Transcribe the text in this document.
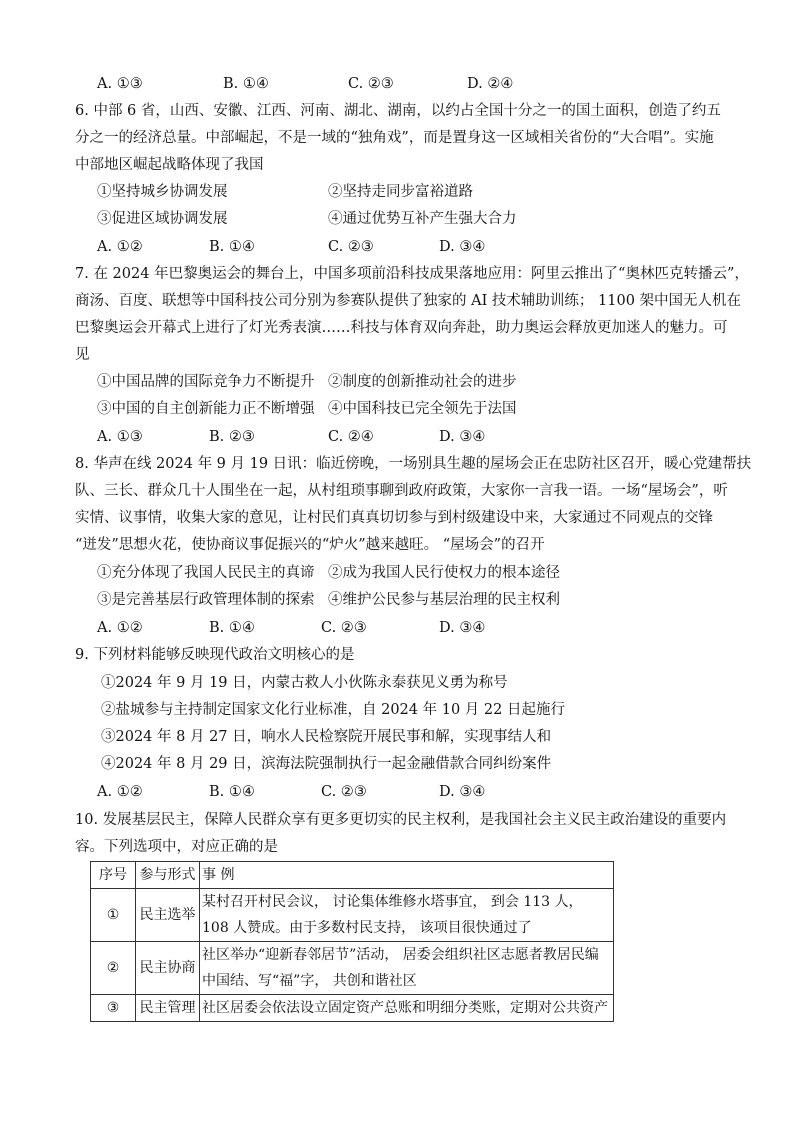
A. ①③	B. ①④	C. ②③	D. ②④
6. 中部 6 省，山西、安徽、江西、河南、湖北、湖南，以约占全国十分之一的国土面积，创造了约五
分之一的经济总量。中部崛起，不是一域的“独角戏”，而是置身这一区域相关省份的“大合唱”。实施
中部地区崛起战略体现了我国
①坚持城乡协调发展	②坚持走同步富裕道路
③促进区域协调发展	④通过优势互补产生强大合力
A. ①②	B. ①④	C. ②③	D. ③④
7. 在 2024 年巴黎奥运会的舞台上，中国多项前沿科技成果落地应用：阿里云推出了“奥林匹克转播云”，
商汤、百度、联想等中国科技公司分别为参赛队提供了独家的 AI 技术辅助训练； 1100 架中国无人机在
巴黎奥运会开幕式上进行了灯光秀表演……科技与体育双向奔赴，助力奥运会释放更加迷人的魅力。可
见
①中国品牌的国际竞争力不断提升 ②制度的创新推动社会的进步
③中国的自主创新能力正不断增强 ④中国科技已完全领先于法国
A. ①③	B. ②③	C. ②④	D. ③④
8. 华声在线 2024 年 9 月 19 日讯：临近傍晚，一场别具生趣的屋场会正在忠防社区召开，暖心党建帮扶
队、三长、群众几十人围坐在一起，从村组琐事聊到政府政策，大家你一言我一语。一场“屋场会”，听
实情、议事情，收集大家的意见，让村民们真真切切参与到村级建设中来，大家通过不同观点的交锋
“迸发”思想火花，使协商议事促振兴的“炉火”越来越旺。 “屋场会”的召开
①充分体现了我国人民民主的真谛 ②成为我国人民行使权力的根本途径
③是完善基层行政管理体制的探索 ④维护公民参与基层治理的民主权利
A. ①②	B. ①④	C. ②③	D. ③④
9. 下列材料能够反映现代政治文明核心的是
①2024 年 9 月 19 日，内蒙古救人小伙陈永泰获见义勇为称号
②盐城参与主持制定国家文化行业标准，自 2024 年 10 月 22 日起施行
③2024 年 8 月 27 日，响水人民检察院开展民事和解，实现事结人和
④2024 年 8 月 29 日，滨海法院强制执行一起金融借款合同纠纷案件
A. ①②	B. ①④	C. ②③	D. ③④
10. 发展基层民主，保障人民群众享有更多更切实的民主权利，是我国社会主义民主政治建设的重要内
容。下列选项中，对应正确的是
序号	参与形式	事 例
①	民主选举	某村召开村民会议， 讨论集体维修水塔事宜， 到会 113 人， 108 人赞成。由于多数村民支持， 该项目很快通过了
②	民主协商	社区举办“迎新春邻居节”活动， 居委会组织社区志愿者教居民编中国结、写“福”字， 共创和谐社区
③	民主管理	社区居委会依法设立固定资产总账和明细分类账，定期对公共资产
